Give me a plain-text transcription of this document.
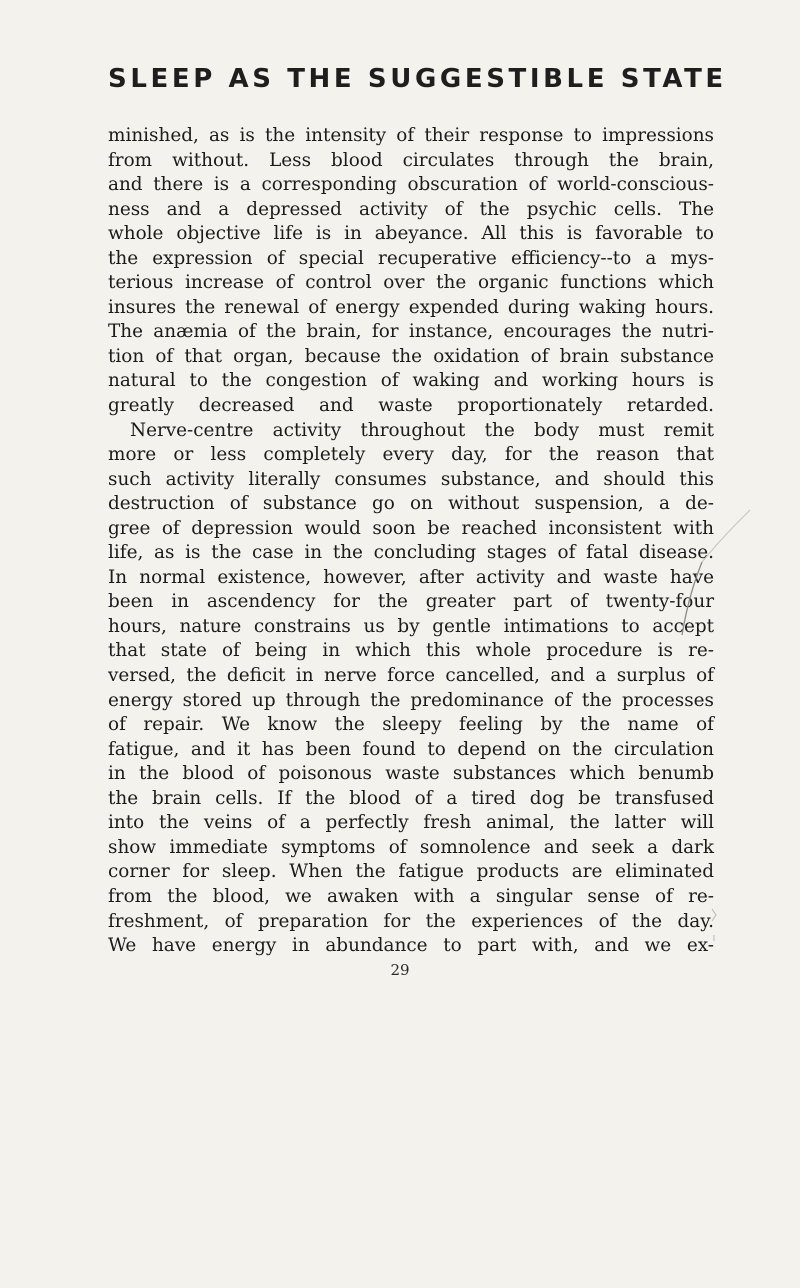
SLEEP AS THE SUGGESTIBLE STATE
minished, as is the intensity of their response to impressions
from without. Less blood circulates through the brain,
and there is a corresponding obscuration of world-conscious-
ness and a depressed activity of the psychic cells. The
whole objective life is in abeyance. All this is favorable to
the expression of special recuperative efficiency--to a mys-
terious increase of control over the organic functions which
insures the renewal of energy expended during waking hours.
The anæmia of the brain, for instance, encourages the nutri-
tion of that organ, because the oxidation of brain substance
natural to the congestion of waking and working hours is
greatly decreased and waste proportionately retarded.
Nerve-centre activity throughout the body must remit
more or less completely every day, for the reason that
such activity literally consumes substance, and should this
destruction of substance go on without suspension, a de-
gree of depression would soon be reached inconsistent with
life, as is the case in the concluding stages of fatal disease.
In normal existence, however, after activity and waste have
been in ascendency for the greater part of twenty-four
hours, nature constrains us by gentle intimations to accept
that state of being in which this whole procedure is re-
versed, the deficit in nerve force cancelled, and a surplus of
energy stored up through the predominance of the processes
of repair. We know the sleepy feeling by the name of
fatigue, and it has been found to depend on the circulation
in the blood of poisonous waste substances which benumb
the brain cells. If the blood of a tired dog be transfused
into the veins of a perfectly fresh animal, the latter will
show immediate symptoms of somnolence and seek a dark
corner for sleep. When the fatigue products are eliminated
from the blood, we awaken with a singular sense of re-
freshment, of preparation for the experiences of the day.
We have energy in abundance to part with, and we ex-
29
